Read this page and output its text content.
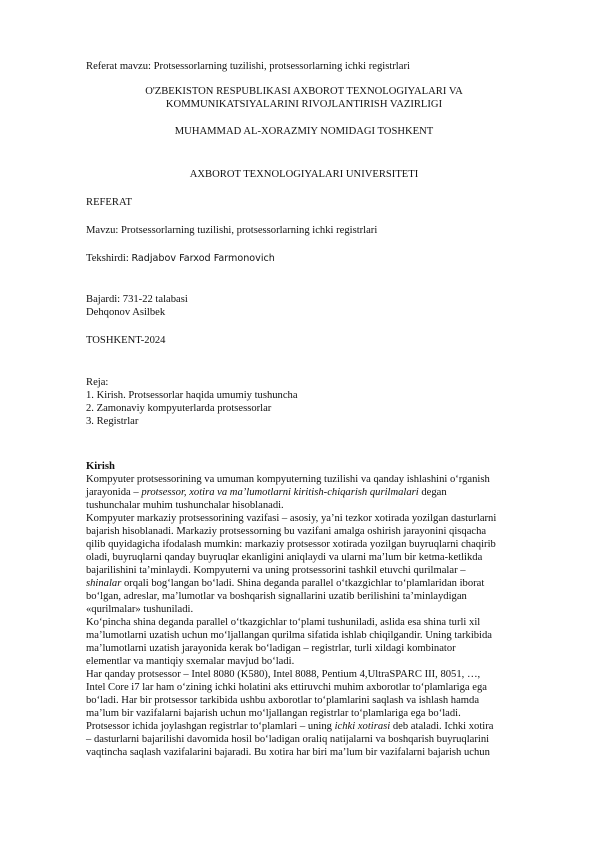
Referat mavzu: Protsessorlarning tuzilishi, protsessorlarning ichki registrlari

O'ZBEKISTON RESPUBLIKASI AXBOROT TEXNOLOGIYALARI VA

KOMMUNIKATSIYALARINI RIVOJLANTIRISH VAZIRLIGI

MUHAMMAD AL-XORAZMIY NOMIDAGI TOSHKENT

AXBOROT TEXNOLOGIYALARI UNIVERSITETI

REFERAT

Mavzu: Protsessorlarning tuzilishi, protsessorlarning ichki registrlari

Tekshirdi: Radjabov Farxod Farmonovich

Bajardi: 731-22 talabasi

Dehqonov Asilbek

TOSHKENT-2024

Reja:

1. Kirish. Protsessorlar haqida umumiy tushuncha

2. Zamonaviy kompyuterlarda protsessorlar

3. Registrlar

Kirish

Kompyuter protsessorining va umuman kompyuterning tuzilishi va qanday ishlashini o‘rganish

jarayonida – protsessor, xotira va ma’lumotlarni kiritish-chiqarish qurilmalari degan

tushunchalar muhim tushunchalar hisoblanadi.

Kompyuter markaziy protsessorining vazifasi – asosiy, ya’ni tezkor xotirada yozilgan dasturlarni

bajarish hisoblanadi. Markaziy protsessorning bu vazifani amalga oshirish jarayonini qisqacha

qilib quyidagicha ifodalash mumkin: markaziy protsessor xotirada yozilgan buyruqlarni chaqirib

oladi, buyruqlarni qanday buyruqlar ekanligini aniqlaydi va ularni ma’lum bir ketma-ketlikda

bajarilishini ta’minlaydi. Kompyuterni va uning protsessorini tashkil etuvchi qurilmalar –

shinalar orqali bog‘langan bo‘ladi. Shina deganda parallel o‘tkazgichlar to‘plamlaridan iborat

bo‘lgan, adreslar, ma’lumotlar va boshqarish signallarini uzatib berilishini ta’minlaydigan

«qurilmalar» tushuniladi.

Ko‘pincha shina deganda parallel o‘tkazgichlar to‘plami tushuniladi, aslida esa shina turli xil

ma’lumotlarni uzatish uchun mo‘ljallangan qurilma sifatida ishlab chiqilgandir. Uning tarkibida

ma’lumotlarni uzatish jarayonida kerak bo‘ladigan – registrlar, turli xildagi kombinator

elementlar va mantiqiy sxemalar mavjud bo‘ladi.

Har qanday protsessor – Intel 8080 (K580), Intel 8088, Pentium 4,UltraSPARC III, 8051, …,

Intel Core i7 lar ham o‘zining ichki holatini aks ettiruvchi muhim axborotlar to‘plamlariga ega

bo‘ladi. Har bir protsessor tarkibida ushbu axborotlar to‘plamlarini saqlash va ishlash hamda

ma’lum bir vazifalarni bajarish uchun mo‘ljallangan registrlar to‘plamlariga ega bo‘ladi.

Protsessor ichida joylashgan registrlar to‘plamlari – uning ichki xotirasi deb ataladi. Ichki xotira

– dasturlarni bajarilishi davomida hosil bo‘ladigan oraliq natijalarni va boshqarish buyruqlarini

vaqtincha saqlash vazifalarini bajaradi. Bu xotira har biri ma’lum bir vazifalarni bajarish uchun
